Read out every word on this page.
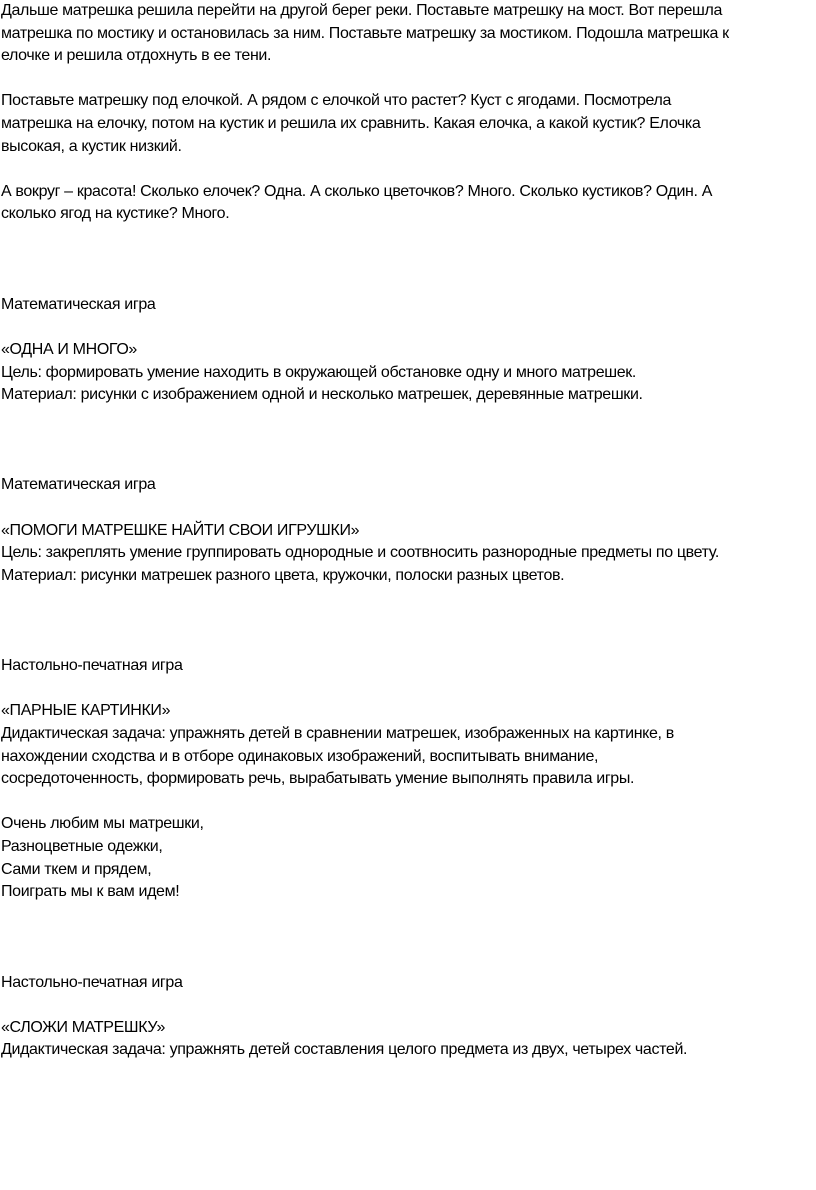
Дальше матрешка решила перейти на другой берег реки. Поставьте матрешку на мост. Вот перешла
матрешка по мостику и остановилась за ним. Поставьте матрешку за мостиком. Подошла матрешка к
елочке и решила отдохнуть в ее тени.
Поставьте матрешку под елочкой. А рядом с елочкой что растет? Куст с ягодами. Посмотрела
матрешка на елочку, потом на кустик и решила их сравнить. Какая елочка, а какой кустик? Елочка
высокая, а кустик низкий.
А вокруг – красота! Сколько елочек? Одна. А сколько цветочков? Много. Сколько кустиков? Один. А
сколько ягод на кустике? Много.
Математическая игра
«ОДНА И МНОГО»
Цель: формировать умение находить в окружающей обстановке одну и много матрешек.
Материал: рисунки с изображением одной и несколько матрешек, деревянные матрешки.
Математическая игра
«ПОМОГИ МАТРЕШКЕ НАЙТИ СВОИ ИГРУШКИ»
Цель: закреплять умение группировать однородные и соотвносить разнородные предметы по цвету.
Материал: рисунки матрешек разного цвета, кружочки, полоски разных цветов.
Настольно-печатная игра
«ПАРНЫЕ КАРТИНКИ»
Дидактическая задача: упражнять детей в сравнении матрешек, изображенных на картинке, в
нахождении сходства и в отборе одинаковых изображений, воспитывать внимание,
сосредоточенность, формировать речь, вырабатывать умение выполнять правила игры.
Очень любим мы матрешки,
Разноцветные одежки,
Сами ткем и прядем,
Поиграть мы к вам идем!
Настольно-печатная игра
«СЛОЖИ МАТРЕШКУ»
Дидактическая задача: упражнять детей составления целого предмета из двух, четырех частей.
